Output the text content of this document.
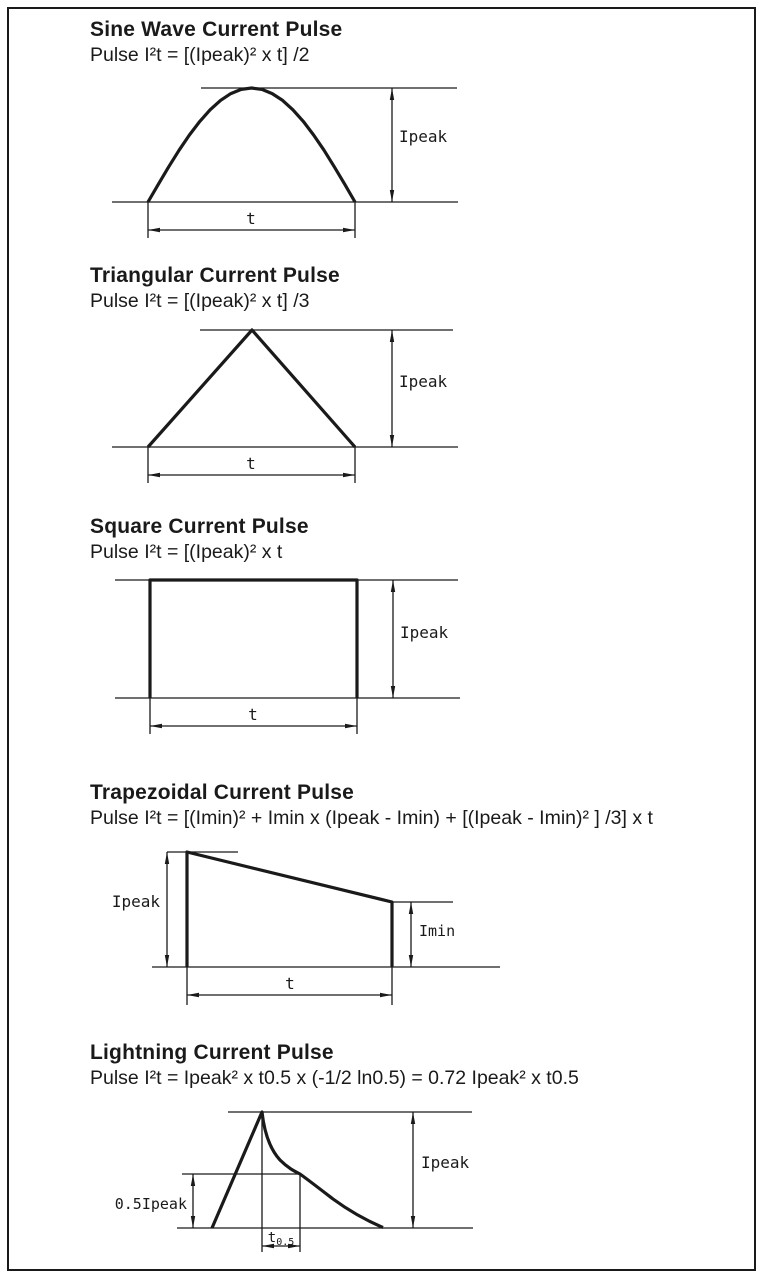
Sine Wave Current Pulse

Pulse I²t = [(Ipeak)² x t] /2

Ipeak
t
Triangular Current Pulse

Pulse I²t = [(Ipeak)² x t] /3

Ipeak
t
Square Current Pulse

Pulse I²t = [(Ipeak)² x t

Ipeak
t
Trapezoidal Current Pulse

Pulse I²t = [(Imin)² + Imin x (Ipeak - Imin) + [(Ipeak - Imin)² ] /3] x t

Ipeak
Imin
t
Lightning Current Pulse

Pulse I²t = Ipeak² x t0.5 x (-1/2 ln0.5) = 0.72 Ipeak² x t0.5

0.5Ipeak
Ipeak
$t_{0.5}$
